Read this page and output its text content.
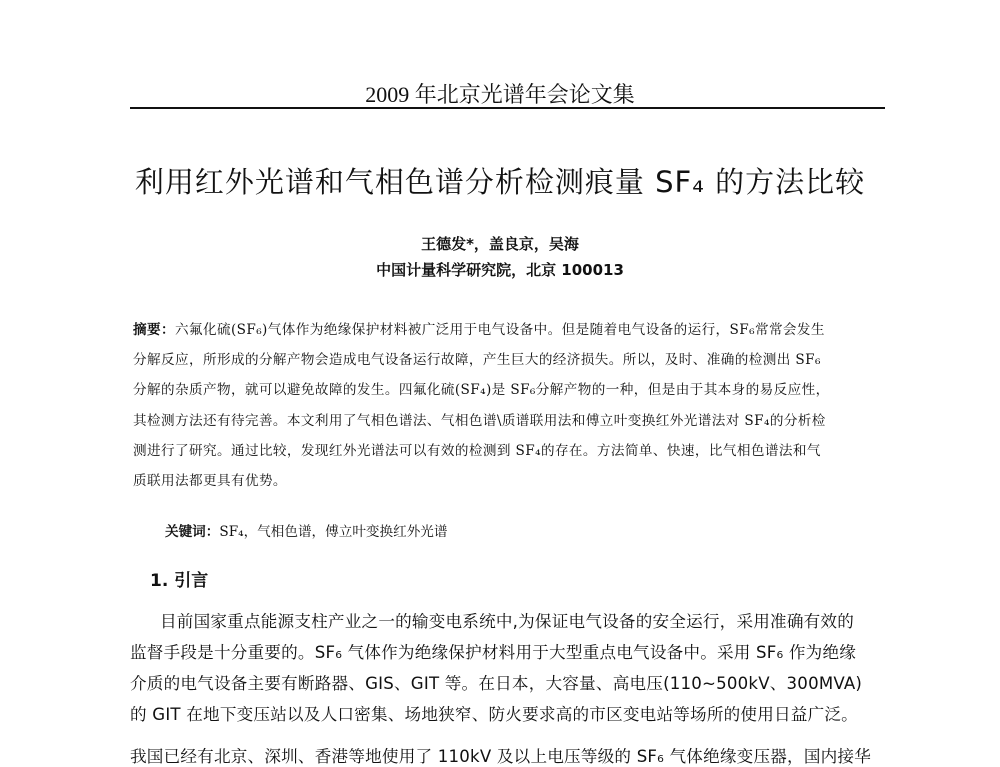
2009 年北京光谱年会论文集
利用红外光谱和气相色谱分析检测痕量 SF₄ 的方法比较
王德发*，盖良京，吴海
中国计量科学研究院，北京 100013
摘要：六氟化硫(SF₆)气体作为绝缘保护材料被广泛用于电气设备中。但是随着电气设备的运行，SF₆常常会发生
分解反应，所形成的分解产物会造成电气设备运行故障，产生巨大的经济损失。所以，及时、准确的检测出 SF₆
分解的杂质产物，就可以避免故障的发生。四氟化硫(SF₄)是 SF₆分解产物的一种，但是由于其本身的易反应性，
其检测方法还有待完善。本文利用了气相色谱法、气相色谱\质谱联用法和傅立叶变换红外光谱法对 SF₄的分析检
测进行了研究。通过比较，发现红外光谱法可以有效的检测到 SF₄的存在。方法简单、快速，比气相色谱法和气
质联用法都更具有优势。
关键词：SF₄，气相色谱，傅立叶变换红外光谱
1. 引言
目前国家重点能源支柱产业之一的输变电系统中,为保证电气设备的安全运行，采用准确有效的
监督手段是十分重要的。SF₆ 气体作为绝缘保护材料用于大型重点电气设备中。采用 SF₆ 作为绝缘
介质的电气设备主要有断路器、GIS、GIT 等。在日本，大容量、高电压(110~500kV、300MVA)
的 GIT 在地下变压站以及人口密集、场地狭窄、防火要求高的市区变电站等场所的使用日益广泛。
我国已经有北京、深圳、香港等地使用了 110kV 及以上电压等级的 SF₆ 气体绝缘变压器，国内接华
